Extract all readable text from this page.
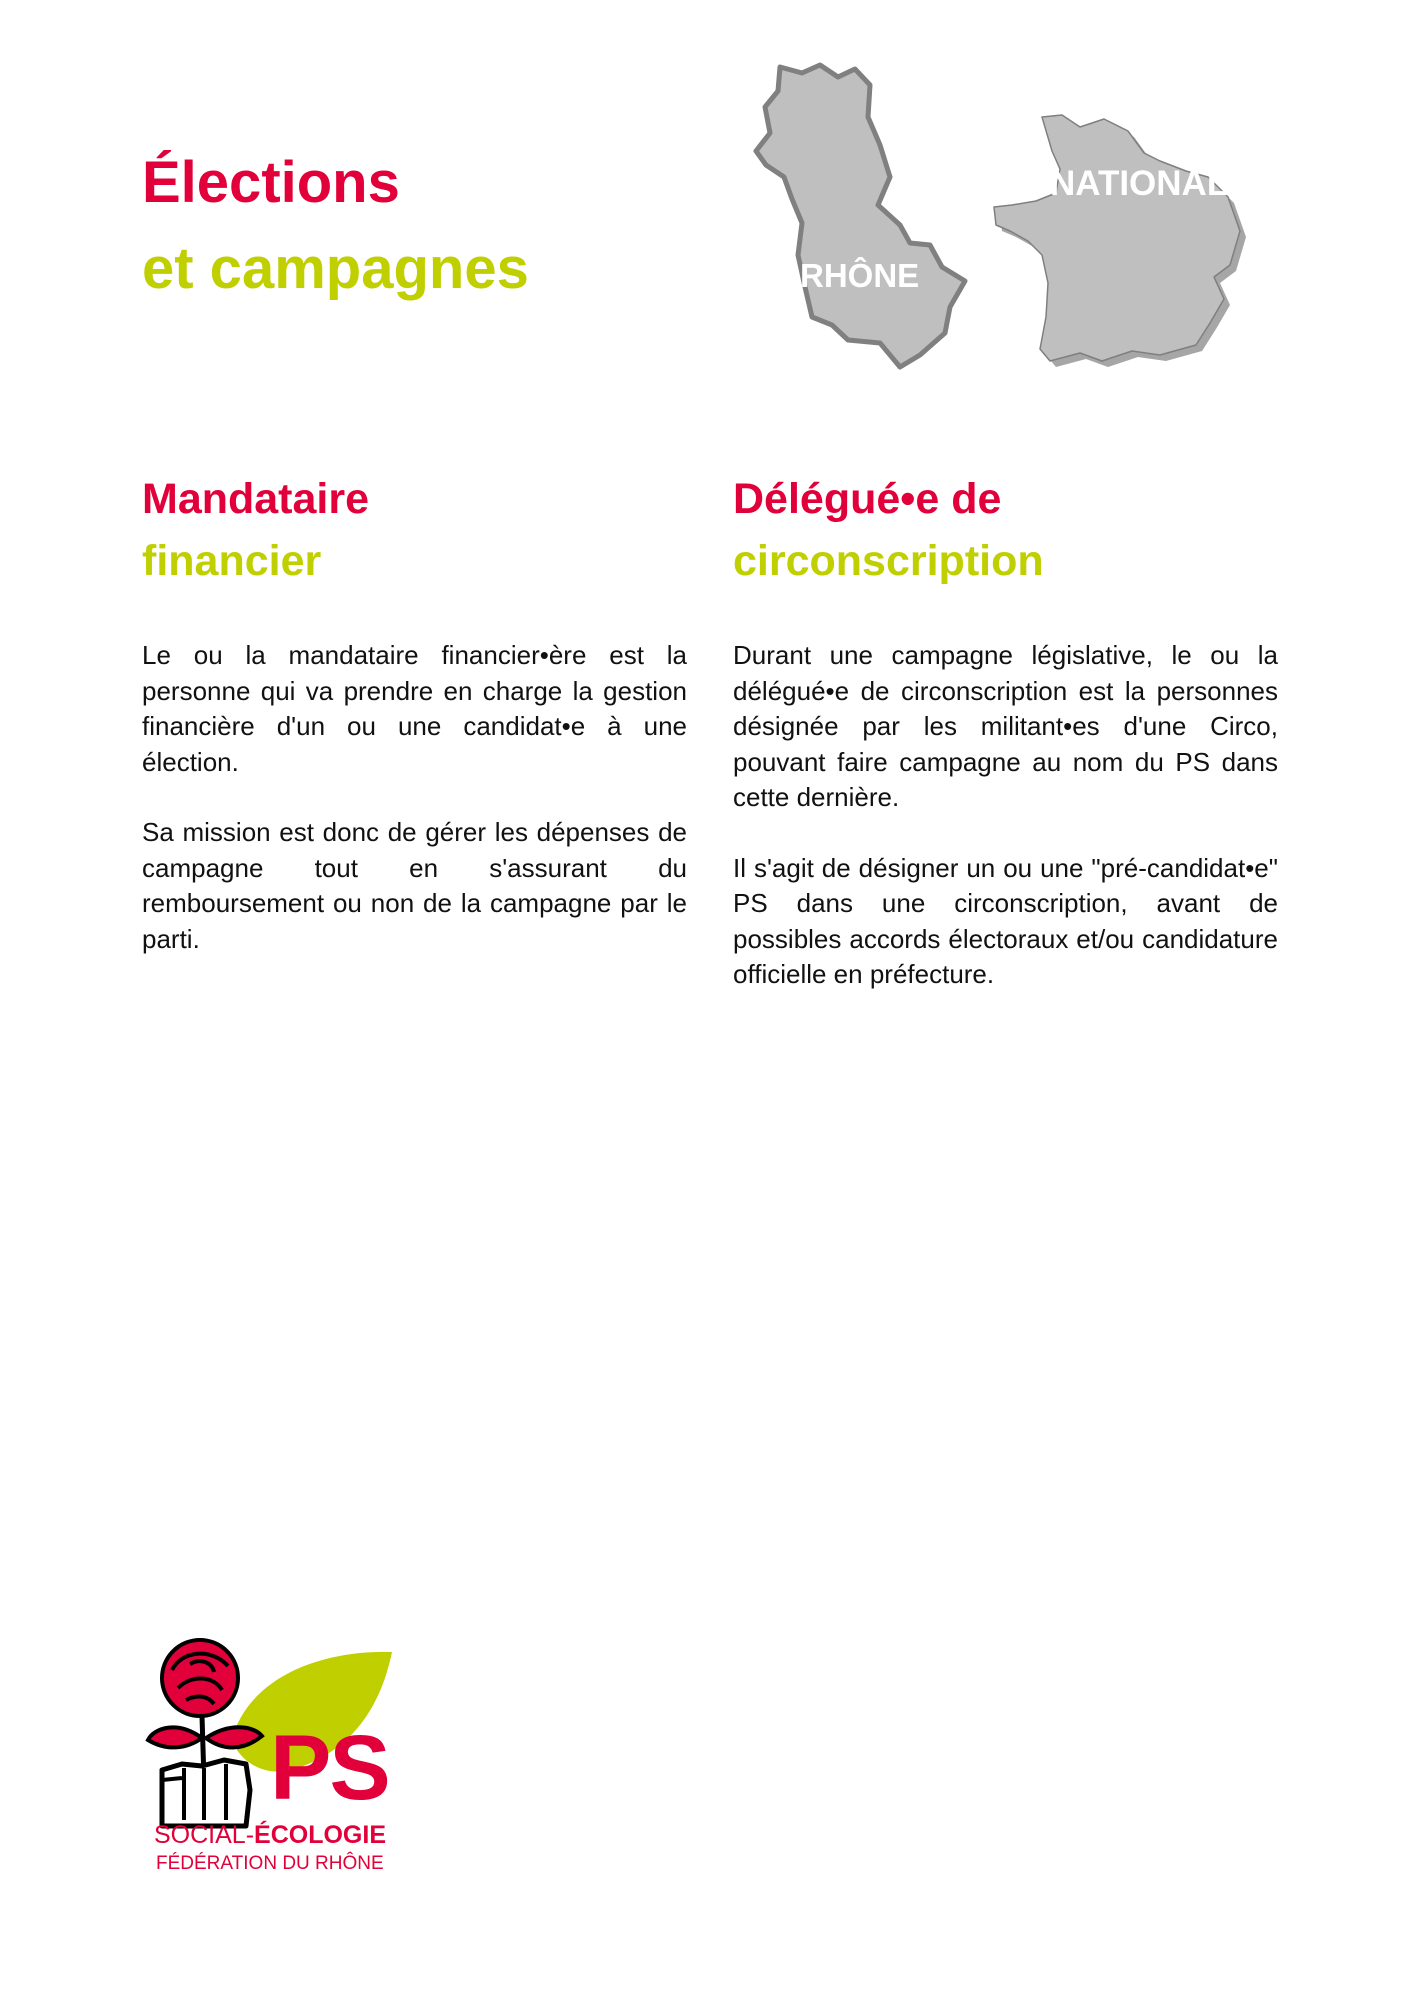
Élections
et campagnes	RHÔNE
NATIONAL
Mandataire
financier

Le ou la mandataire financier•ère est la personne qui va prendre en charge la gestion financière d'un ou une candidat•e à une élection.

Sa mission est donc de gérer les dépenses de campagne tout en s'assurant du remboursement ou non de la campagne par le parti.

Délégué•e de
circonscription

Durant une campagne législative, le ou la délégué•e de circonscription est la personnes désignée par les militant•es d'une Circo, pouvant faire campagne au nom du PS dans cette dernière.

Il s'agit de désigner un ou une "pré-candidat•e" PS dans une circonscription, avant de possibles accords électoraux et/ou candidature officielle en préfecture.

PS
SOCIAL-ÉCOLOGIE
FÉDÉRATION DU RHÔNE
